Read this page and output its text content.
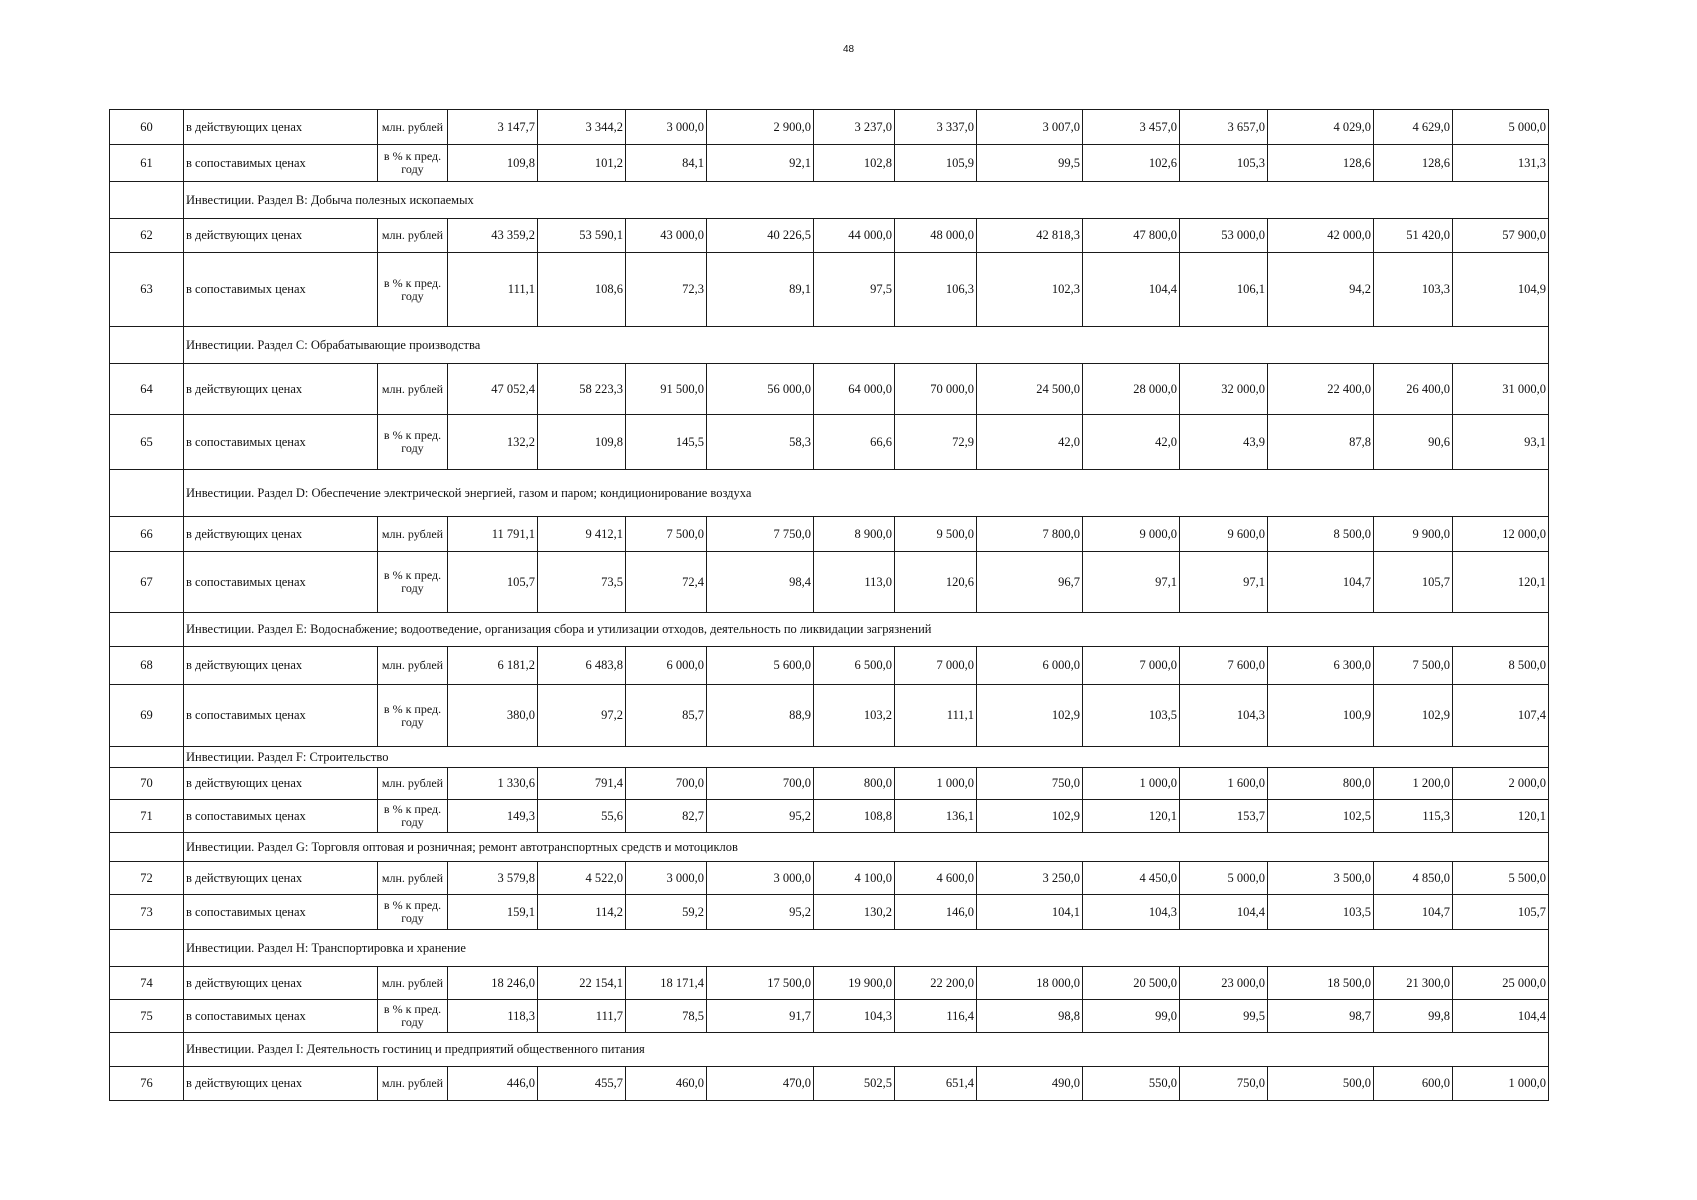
48
60	в действующих ценах	млн. рублей	3 147,7	3 344,2	3 000,0	2 900,0	3 237,0	3 337,0	3 007,0	3 457,0	3 657,0	4 029,0	4 629,0	5 000,0
61	в сопоставимых ценах	в % к пред. году	109,8	101,2	84,1	92,1	102,8	105,9	99,5	102,6	105,3	128,6	128,6	131,3
	Инвестиции. Раздел B: Добыча полезных ископаемых													
62	в действующих ценах	млн. рублей	43 359,2	53 590,1	43 000,0	40 226,5	44 000,0	48 000,0	42 818,3	47 800,0	53 000,0	42 000,0	51 420,0	57 900,0
63	в сопоставимых ценах	в % к пред. году	111,1	108,6	72,3	89,1	97,5	106,3	102,3	104,4	106,1	94,2	103,3	104,9
	Инвестиции. Раздел C: Обрабатывающие производства													
64	в действующих ценах	млн. рублей	47 052,4	58 223,3	91 500,0	56 000,0	64 000,0	70 000,0	24 500,0	28 000,0	32 000,0	22 400,0	26 400,0	31 000,0
65	в сопоставимых ценах	в % к пред. году	132,2	109,8	145,5	58,3	66,6	72,9	42,0	42,0	43,9	87,8	90,6	93,1
	Инвестиции. Раздел D: Обеспечение электрической энергией, газом и паром; кондиционирование воздуха													
66	в действующих ценах	млн. рублей	11 791,1	9 412,1	7 500,0	7 750,0	8 900,0	9 500,0	7 800,0	9 000,0	9 600,0	8 500,0	9 900,0	12 000,0
67	в сопоставимых ценах	в % к пред. году	105,7	73,5	72,4	98,4	113,0	120,6	96,7	97,1	97,1	104,7	105,7	120,1
	Инвестиции. Раздел E: Водоснабжение; водоотведение, организация сбора и утилизации отходов, деятельность по ликвидации загрязнений													
68	в действующих ценах	млн. рублей	6 181,2	6 483,8	6 000,0	5 600,0	6 500,0	7 000,0	6 000,0	7 000,0	7 600,0	6 300,0	7 500,0	8 500,0
69	в сопоставимых ценах	в % к пред. году	380,0	97,2	85,7	88,9	103,2	111,1	102,9	103,5	104,3	100,9	102,9	107,4
	Инвестиции. Раздел F: Строительство													
70	в действующих ценах	млн. рублей	1 330,6	791,4	700,0	700,0	800,0	1 000,0	750,0	1 000,0	1 600,0	800,0	1 200,0	2 000,0
71	в сопоставимых ценах	в % к пред. году	149,3	55,6	82,7	95,2	108,8	136,1	102,9	120,1	153,7	102,5	115,3	120,1
	Инвестиции. Раздел G: Торговля оптовая и розничная; ремонт автотранспортных средств и мотоциклов													
72	в действующих ценах	млн. рублей	3 579,8	4 522,0	3 000,0	3 000,0	4 100,0	4 600,0	3 250,0	4 450,0	5 000,0	3 500,0	4 850,0	5 500,0
73	в сопоставимых ценах	в % к пред. году	159,1	114,2	59,2	95,2	130,2	146,0	104,1	104,3	104,4	103,5	104,7	105,7
	Инвестиции. Раздел H: Транспортировка и хранение													
74	в действующих ценах	млн. рублей	18 246,0	22 154,1	18 171,4	17 500,0	19 900,0	22 200,0	18 000,0	20 500,0	23 000,0	18 500,0	21 300,0	25 000,0
75	в сопоставимых ценах	в % к пред. году	118,3	111,7	78,5	91,7	104,3	116,4	98,8	99,0	99,5	98,7	99,8	104,4
	Инвестиции. Раздел I: Деятельность гостиниц и предприятий общественного питания													
76	в действующих ценах	млн. рублей	446,0	455,7	460,0	470,0	502,5	651,4	490,0	550,0	750,0	500,0	600,0	1 000,0
